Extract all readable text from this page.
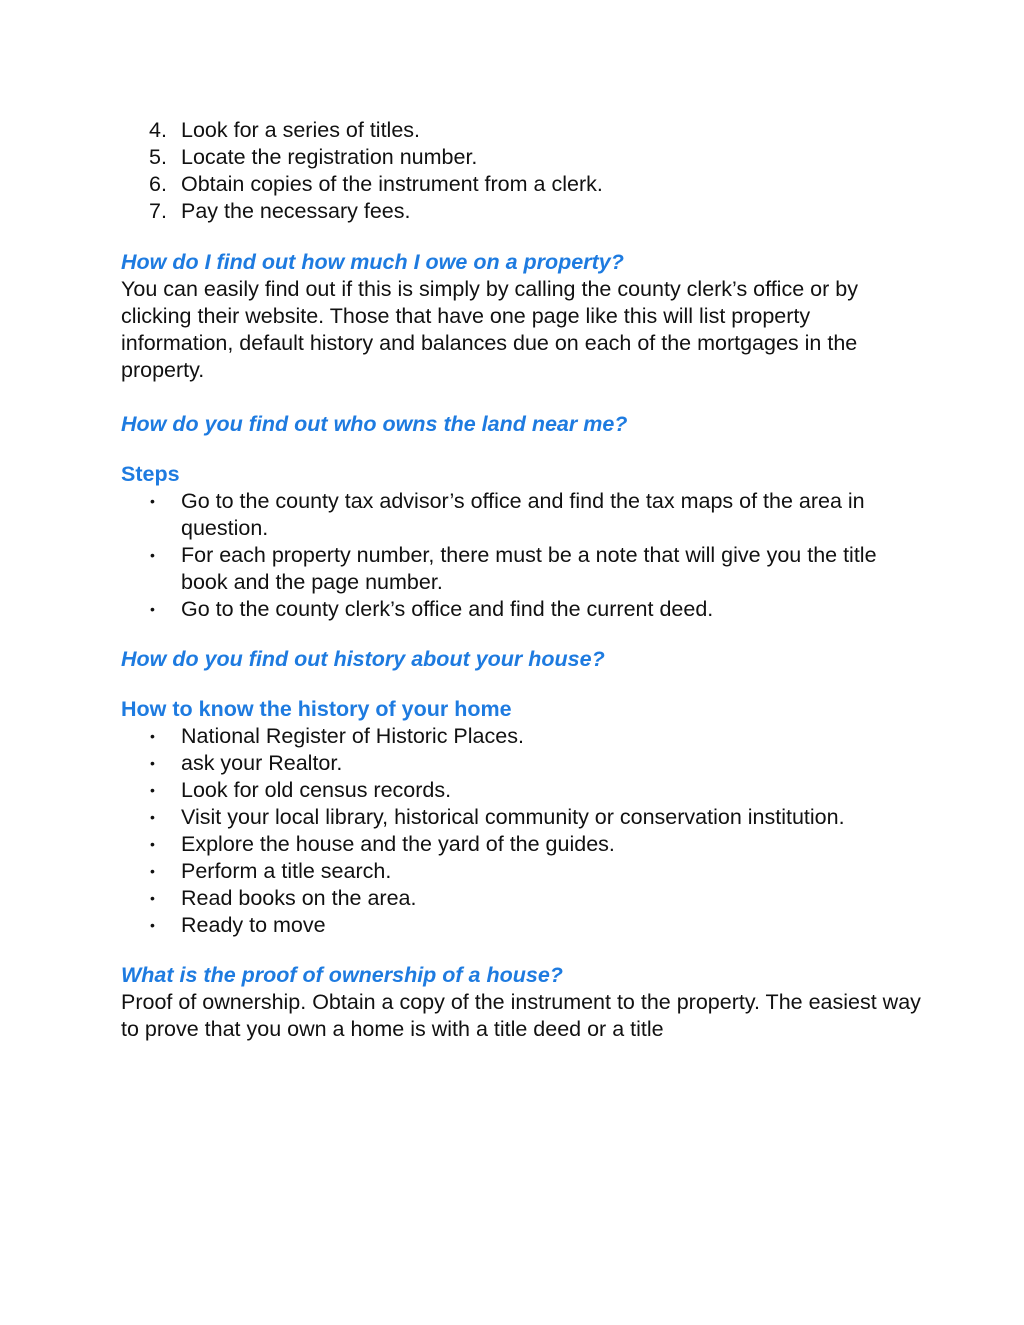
4. Look for a series of titles.
5. Locate the registration number.
6. Obtain copies of the instrument from a clerk.
7. Pay the necessary fees.

How do I find out how much I owe on a property?

You can easily find out if this is simply by calling the county clerk’s office or by clicking their website. Those that have one page like this will list property information, default history and balances due on each of the mortgages in the property.

How do you find out who owns the land near me?

Steps

• Go to the county tax advisor’s office and find the tax maps of the area in question.
• For each property number, there must be a note that will give you the title book and the page number.
• Go to the county clerk’s office and find the current deed.

How do you find out history about your house?

How to know the history of your home

• National Register of Historic Places.
• ask your Realtor.
• Look for old census records.
• Visit your local library, historical community or conservation institution.
• Explore the house and the yard of the guides.
• Perform a title search.
• Read books on the area.
• Ready to move

What is the proof of ownership of a house?

Proof of ownership. Obtain a copy of the instrument to the property. The easiest way to prove that you own a home is with a title deed or a title
